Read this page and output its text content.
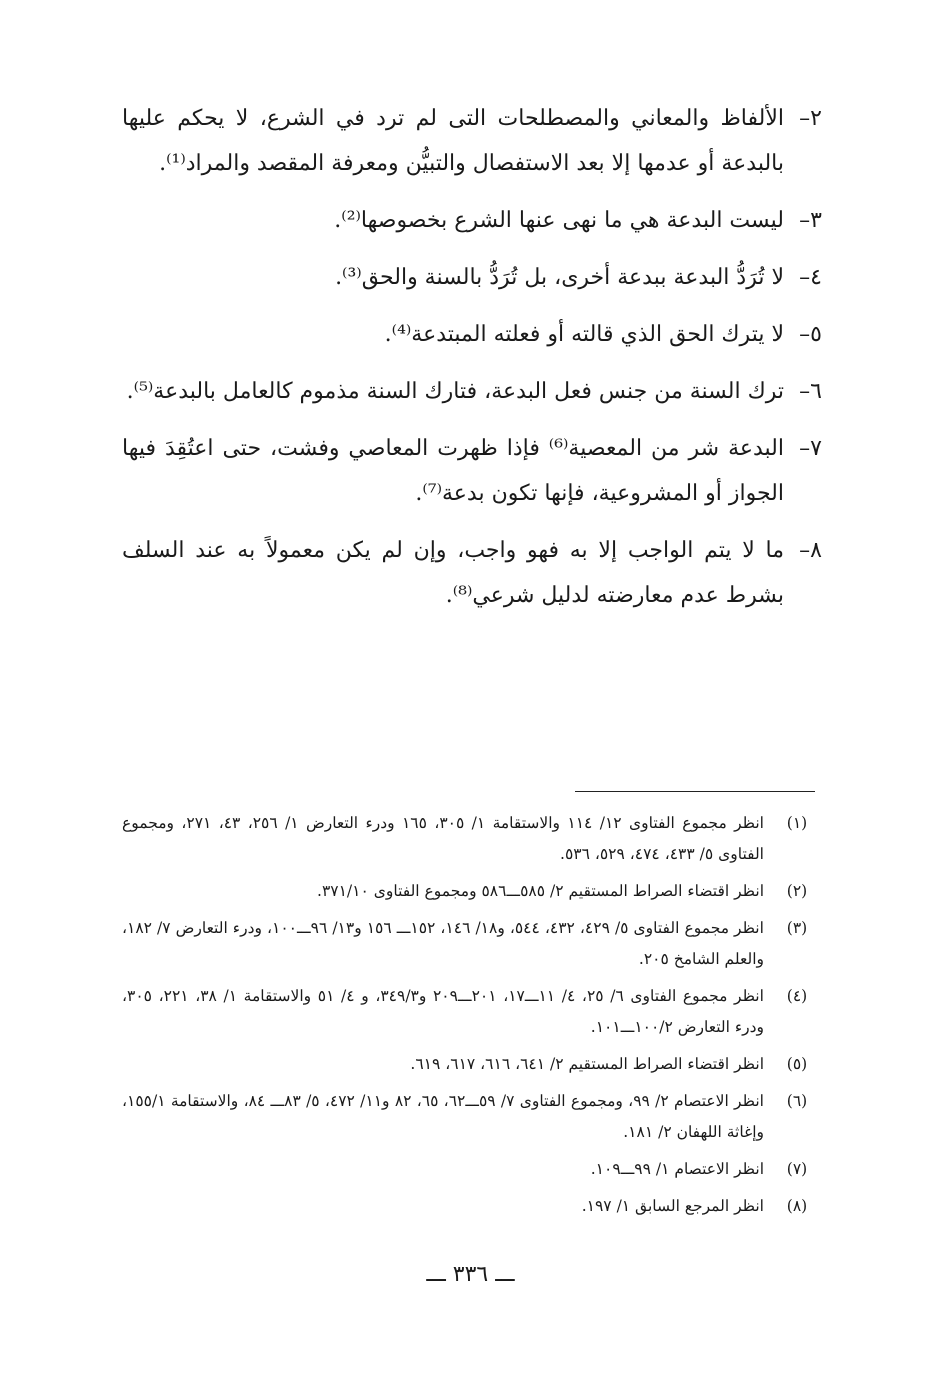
٢–
الألفاظ والمعاني والمصطلحات التى لم ترد في الشرع، لا يحكم عليها بالبدعة أو عدمها إلا بعد الاستفصال والتبيُّن ومعرفة المقصد والمراد⁽¹⁾.
٣–
ليست البدعة هي ما نهى عنها الشرع بخصوصها⁽²⁾.
٤–
لا تُرَدُّ البدعة ببدعة أخرى، بل تُرَدُّ بالسنة والحق⁽³⁾.
٥–
لا يترك الحق الذي قالته أو فعلته المبتدعة⁽⁴⁾.
٦–
ترك السنة من جنس فعل البدعة، فتارك السنة مذموم كالعامل بالبدعة⁽⁵⁾.
٧–
البدعة شر من المعصية⁽⁶⁾ فإذا ظهرت المعاصي وفشت، حتى اعتُقِدَ فيها الجواز أو المشروعية، فإنها تكون بدعة⁽⁷⁾.
٨–
ما لا يتم الواجب إلا به فهو واجب، وإن لم يكن معمولاً به عند السلف بشرط عدم معارضته لدليل شرعي⁽⁸⁾.
(١)
انظر مجموع الفتاوى ١٢/ ١١٤ والاستقامة ١/ ٣٠٥، ١٦٥ ودرء التعارض ١/ ٢٥٦، ٤٣، ٢٧١، ومجموع الفتاوى ٥/ ٤٣٣، ٤٧٤، ٥٢٩، ٥٣٦.
(٢)
انظر اقتضاء الصراط المستقيم ٢/ ٥٨٥ـــ٥٨٦ ومجموع الفتاوى ٣٧١/١٠.
(٣)
انظر مجموع الفتاوى ٥/ ٤٢٩، ٤٣٢، ٥٤٤، و١٨/ ١٤٦، ١٥٢ـــ ١٥٦ و١٣/ ٩٦ـــ١٠٠، ودرء التعارض ٧/ ١٨٢، والعلم الشامخ ٢٠٥.
(٤)
انظر مجموع الفتاوى ٦/ ٢٥، ٤/ ١١ـــ١٧، ٢٠١ـــ٢٠٩ و٣٤٩/٣، و ٤/ ٥١ والاستقامة ١/ ٣٨، ٢٢١، ٣٠٥، ودرء التعارض ١٠٠/٢ـــ١٠١.
(٥)
انظر اقتضاء الصراط المستقيم ٢/ ٦٤١، ٦١٦، ٦١٧، ٦١٩.
(٦)
انظر الاعتصام ٢/ ٩٩، ومجموع الفتاوى ٧/ ٥٩ـــ٦٢، ٦٥، ٨٢ و١١/ ٤٧٢، ٥/ ٨٣ـــ ٨٤، والاستقامة ١٥٥/١، وإغاثة اللهفان ٢/ ١٨١.
(٧)
انظر الاعتصام ١/ ٩٩ـــ١٠٩.
(٨)
انظر المرجع السابق ١/ ١٩٧.
ـــ ٣٣٦ ـــ
